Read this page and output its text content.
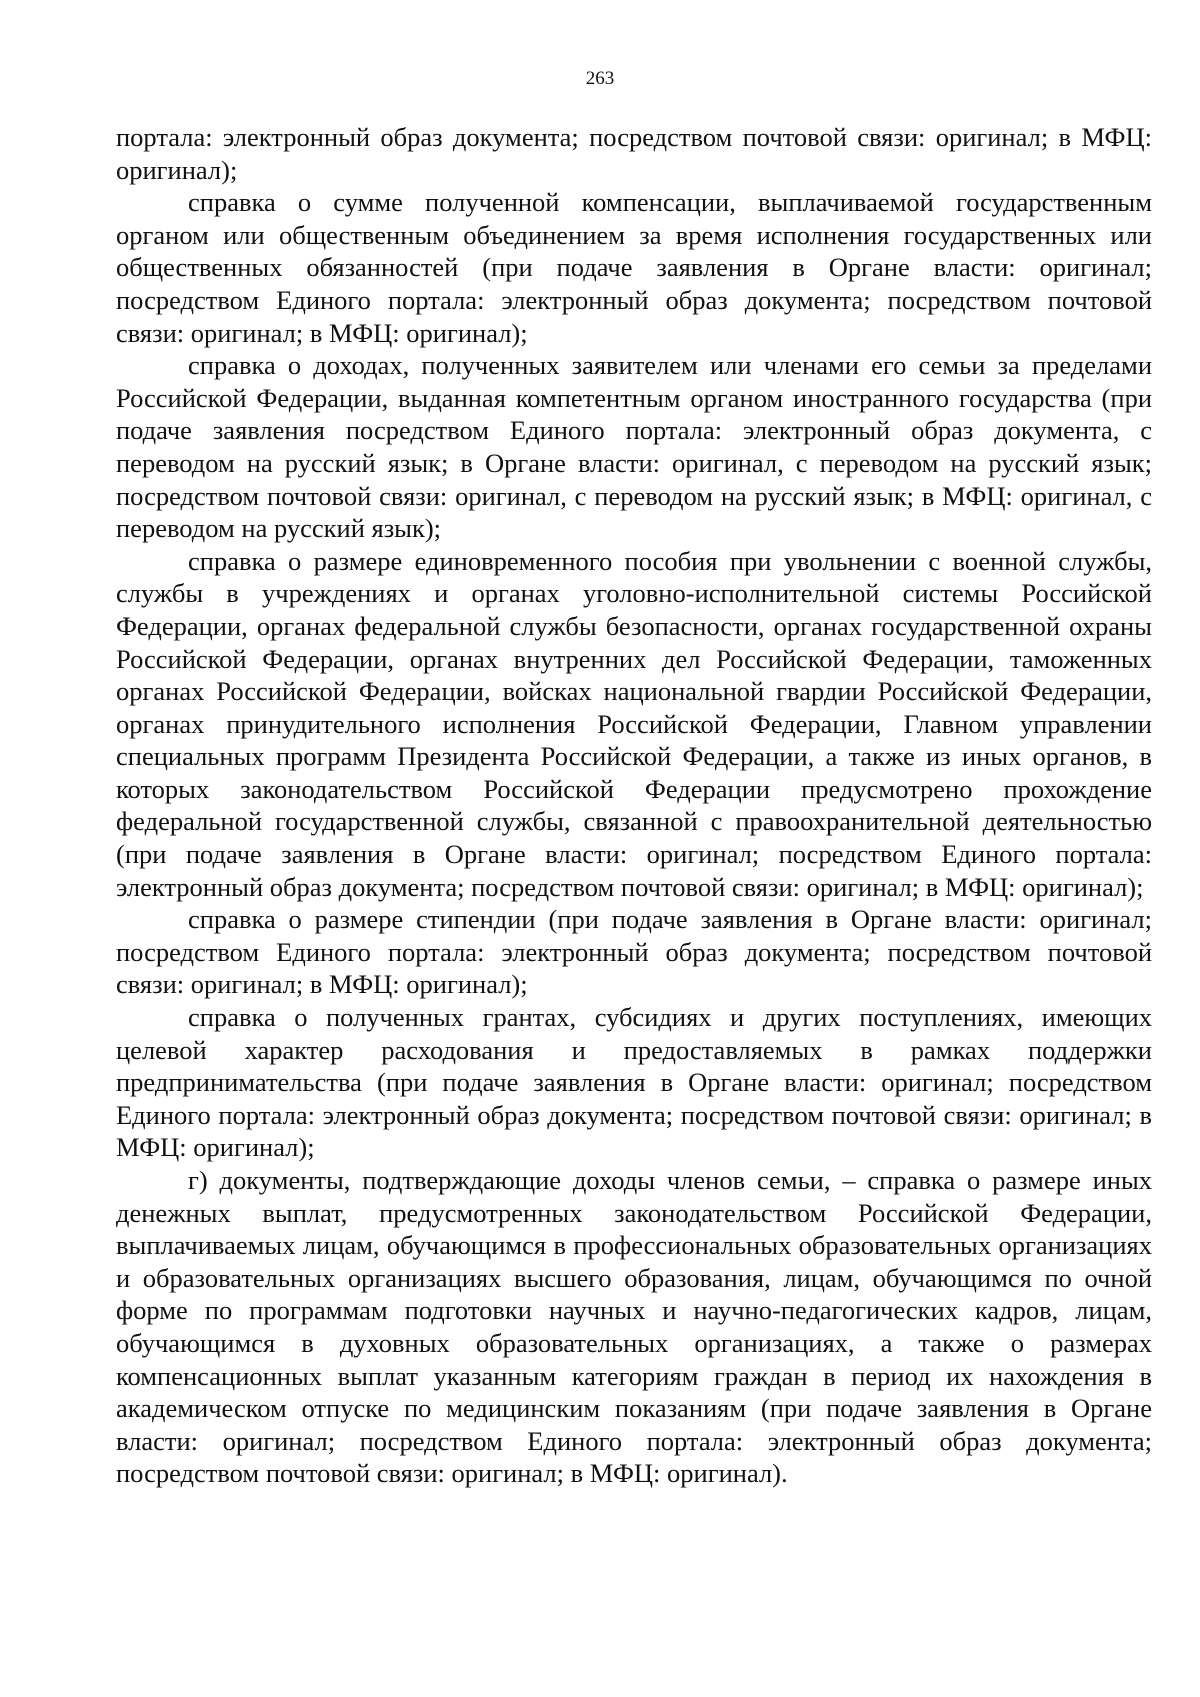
263

портала: электронный образ документа; посредством почтовой связи: оригинал; в МФЦ: оригинал);

справка о сумме полученной компенсации, выплачиваемой государственным органом или общественным объединением за время исполнения государственных или общественных обязанностей (при подаче заявления в Органе власти: оригинал; посредством Единого портала: электронный образ документа; посредством почтовой связи: оригинал; в МФЦ: оригинал);

справка о доходах, полученных заявителем или членами его семьи за пределами Российской Федерации, выданная компетентным органом иностранного государства (при подаче заявления посредством Единого портала: электронный образ документа, с переводом на русский язык; в Органе власти: оригинал, с переводом на русский язык; посредством почтовой связи: оригинал, с переводом на русский язык; в МФЦ: оригинал, с переводом на русский язык);

справка о размере единовременного пособия при увольнении с военной службы, службы в учреждениях и органах уголовно-исполнительной системы Российской Федерации, органах федеральной службы безопасности, органах государственной охраны Российской Федерации, органах внутренних дел Российской Федерации, таможенных органах Российской Федерации, войсках национальной гвардии Российской Федерации, органах принудительного исполнения Российской Федерации, Главном управлении специальных программ Президента Российской Федерации, а также из иных органов, в которых законодательством Российской Федерации предусмотрено прохождение федеральной государственной службы, связанной с правоохранительной деятельностью (при подаче заявления в Органе власти: оригинал; посредством Единого портала: электронный образ документа; посредством почтовой связи: оригинал; в МФЦ: оригинал);

справка о размере стипендии (при подаче заявления в Органе власти: оригинал; посредством Единого портала: электронный образ документа; посредством почтовой связи: оригинал; в МФЦ: оригинал);

справка о полученных грантах, субсидиях и других поступлениях, имеющих целевой характер расходования и предоставляемых в рамках поддержки предпринимательства (при подаче заявления в Органе власти: оригинал; посредством Единого портала: электронный образ документа; посредством почтовой связи: оригинал; в МФЦ: оригинал);

г) документы, подтверждающие доходы членов семьи, – справка о размере иных денежных выплат, предусмотренных законодательством Российской Федерации, выплачиваемых лицам, обучающимся в профессиональных образовательных организациях и образовательных организациях высшего образования, лицам, обучающимся по очной форме по программам подготовки научных и научно-педагогических кадров, лицам, обучающимся в духовных образовательных организациях, а также о размерах компенсационных выплат указанным категориям граждан в период их нахождения в академическом отпуске по медицинским показаниям (при подаче заявления в Органе власти: оригинал; посредством Единого портала: электронный образ документа; посредством почтовой связи: оригинал; в МФЦ: оригинал).
